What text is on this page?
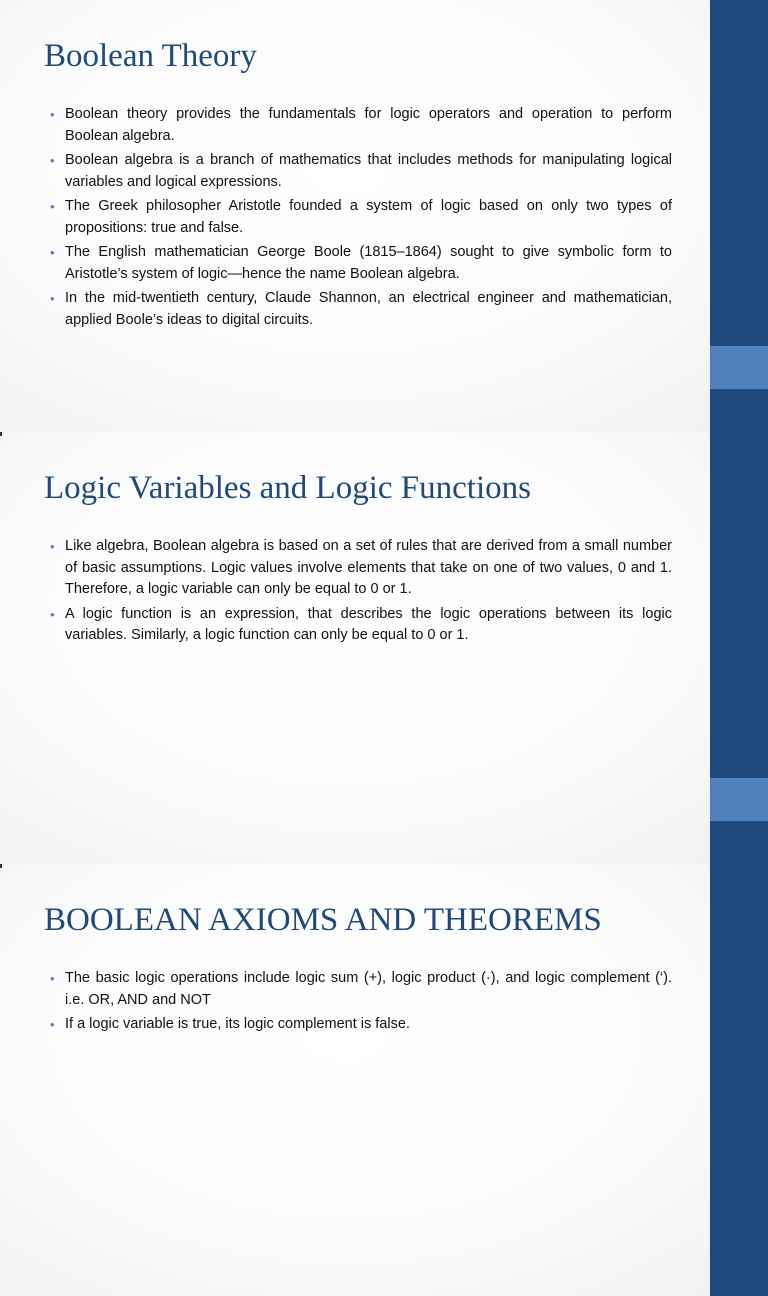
Boolean Theory
• Boolean theory provides the fundamentals for logic operators and operation to perform Boolean algebra.
• Boolean algebra is a branch of mathematics that includes methods for manipulating logical variables and logical expressions.
• The Greek philosopher Aristotle founded a system of logic based on only two types of propositions: true and false.
• The English mathematician George Boole (1815–1864) sought to give symbolic form to Aristotle’s system of logic—hence the name Boolean algebra.
• In the mid-twentieth century, Claude Shannon, an electrical engineer and mathematician, applied Boole’s ideas to digital circuits.
Logic Variables and Logic Functions
• Like algebra, Boolean algebra is based on a set of rules that are derived from a small number of basic assumptions. Logic values involve elements that take on one of two values, 0 and 1. Therefore, a logic variable can only be equal to 0 or 1.
• A logic function is an expression, that describes the logic operations between its logic variables. Similarly, a logic function can only be equal to 0 or 1.
BOOLEAN AXIOMS AND THEOREMS
• The basic logic operations include logic sum (+), logic product (·), and logic complement (‘). i.e. OR, AND and NOT
• If a logic variable is true, its logic complement is false.
